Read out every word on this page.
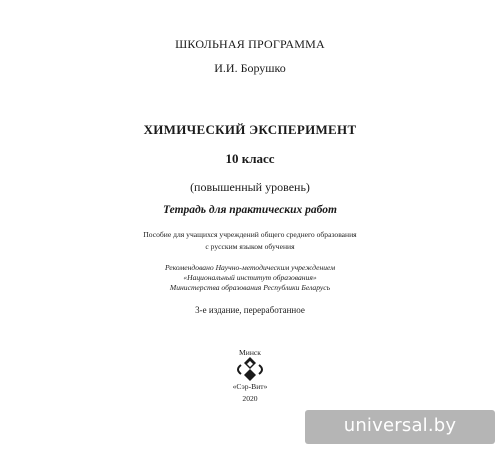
ШКОЛЬНАЯ ПРОГРАММА
И.И. Борушко
ХИМИЧЕСКИЙ ЭКСПЕРИМЕНТ
10 класс
(повышенный уровень)
Тетрадь для практических работ
Пособие для учащихся учреждений общего среднего образования
с русским языком обучения
Рекомендовано Научно-методическим учреждением
«Национальный институт образования»
Министерства образования Республики Беларусь
3-е издание, переработанное
Минск
«Сэр-Вит»
2020
universal.by
